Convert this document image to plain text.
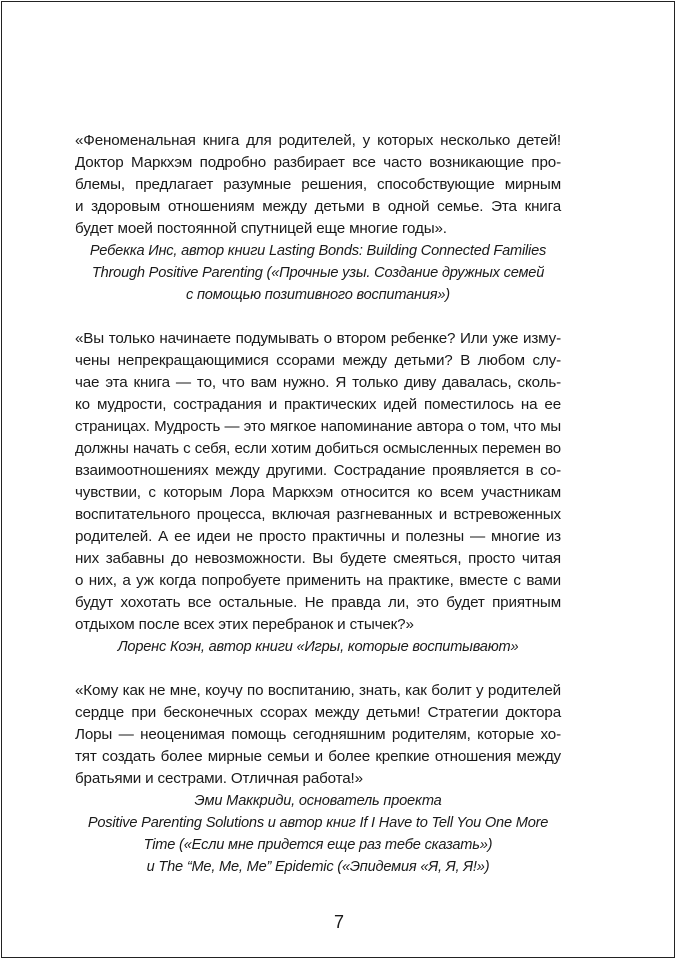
«Феноменальная книга для родителей, у которых несколько детей!
Доктор Маркхэм подробно разбирает все часто возникающие про-
блемы, предлагает разумные решения, способствующие мирным
и здоровым отношениям между детьми в одной семье. Эта книга
будет моей постоянной спутницей еще многие годы».
Ребекка Инс, автор книги Lasting Bonds: Building Connected Families
Through Positive Parenting («Прочные узы. Создание дружных семей
с помощью позитивного воспитания»)
«Вы только начинаете подумывать о втором ребенке? Или уже изму-
чены непрекращающимися ссорами между детьми? В любом слу-
чае эта книга — то, что вам нужно. Я только диву давалась, сколь-
ко мудрости, сострадания и практических идей поместилось на ее
страницах. Мудрость — это мягкое напоминание автора о том, что мы
должны начать с себя, если хотим добиться осмысленных перемен во
взаимоотношениях между другими. Сострадание проявляется в со-
чувствии, с которым Лора Маркхэм относится ко всем участникам
воспитательного процесса, включая разгневанных и встревоженных
родителей. А ее идеи не просто практичны и полезны — многие из
них забавны до невозможности. Вы будете смеяться, просто читая
о них, а уж когда попробуете применить на практике, вместе с вами
будут хохотать все остальные. Не правда ли, это будет приятным
отдыхом после всех этих перебранок и стычек?»
Лоренс Коэн, автор книги «Игры, которые воспитывают»
«Кому как не мне, коучу по воспитанию, знать, как болит у родителей
сердце при бесконечных ссорах между детьми! Стратегии доктора
Лоры — неоценимая помощь сегодняшним родителям, которые хо-
тят создать более мирные семьи и более крепкие отношения между
братьями и сестрами. Отличная работа!»
Эми Маккриди, основатель проекта
Positive Parenting Solutions и автор книг If I Have to Tell You One More
Time («Если мне придется еще раз тебе сказать»)
и The “Me, Me, Me” Epidemic («Эпидемия «Я, Я, Я!»)
7
